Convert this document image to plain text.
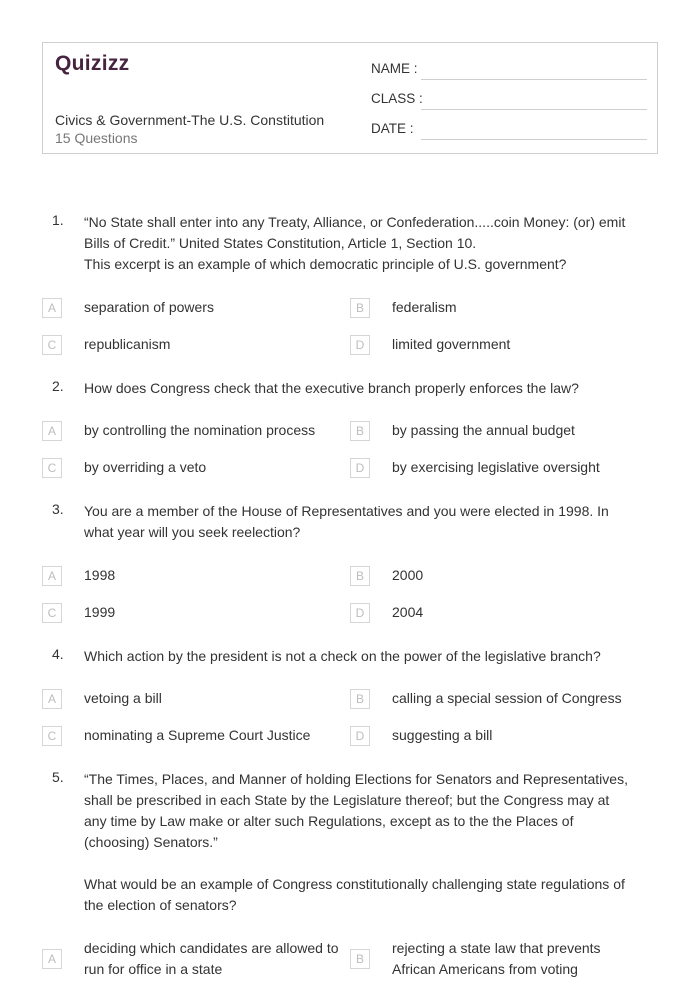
Quizizz
Civics & Government-The U.S. Constitution
15 Questions
NAME :
CLASS :
DATE :
1. “No State shall enter into any Treaty, Alliance, or Confederation.....coin Money: (or) emit
Bills of Credit.” United States Constitution, Article 1, Section 10.
This excerpt is an example of which democratic principle of U.S. government?
A	separation of powers	B	federalism
C	republicanism	D	limited government
2. How does Congress check that the executive branch properly enforces the law?
A	by controlling the nomination process	B	by passing the annual budget
C	by overriding a veto	D	by exercising legislative oversight
3. You are a member of the House of Representatives and you were elected in 1998. In
what year will you seek reelection?
A	1998	B	2000
C	1999	D	2004
4. Which action by the president is not a check on the power of the legislative branch?
A	vetoing a bill	B	calling a special session of Congress
C	nominating a Supreme Court Justice	D	suggesting a bill
5. “The Times, Places, and Manner of holding Elections for Senators and Representatives,
shall be prescribed in each State by the Legislature thereof; but the Congress may at
any time by Law make or alter such Regulations, except as to the the Places of
(choosing) Senators.”
What would be an example of Congress constitutionally challenging state regulations of
the election of senators?
A
deciding which candidates are allowed to
run for office in a state
B
rejecting a state law that prevents
African Americans from voting
